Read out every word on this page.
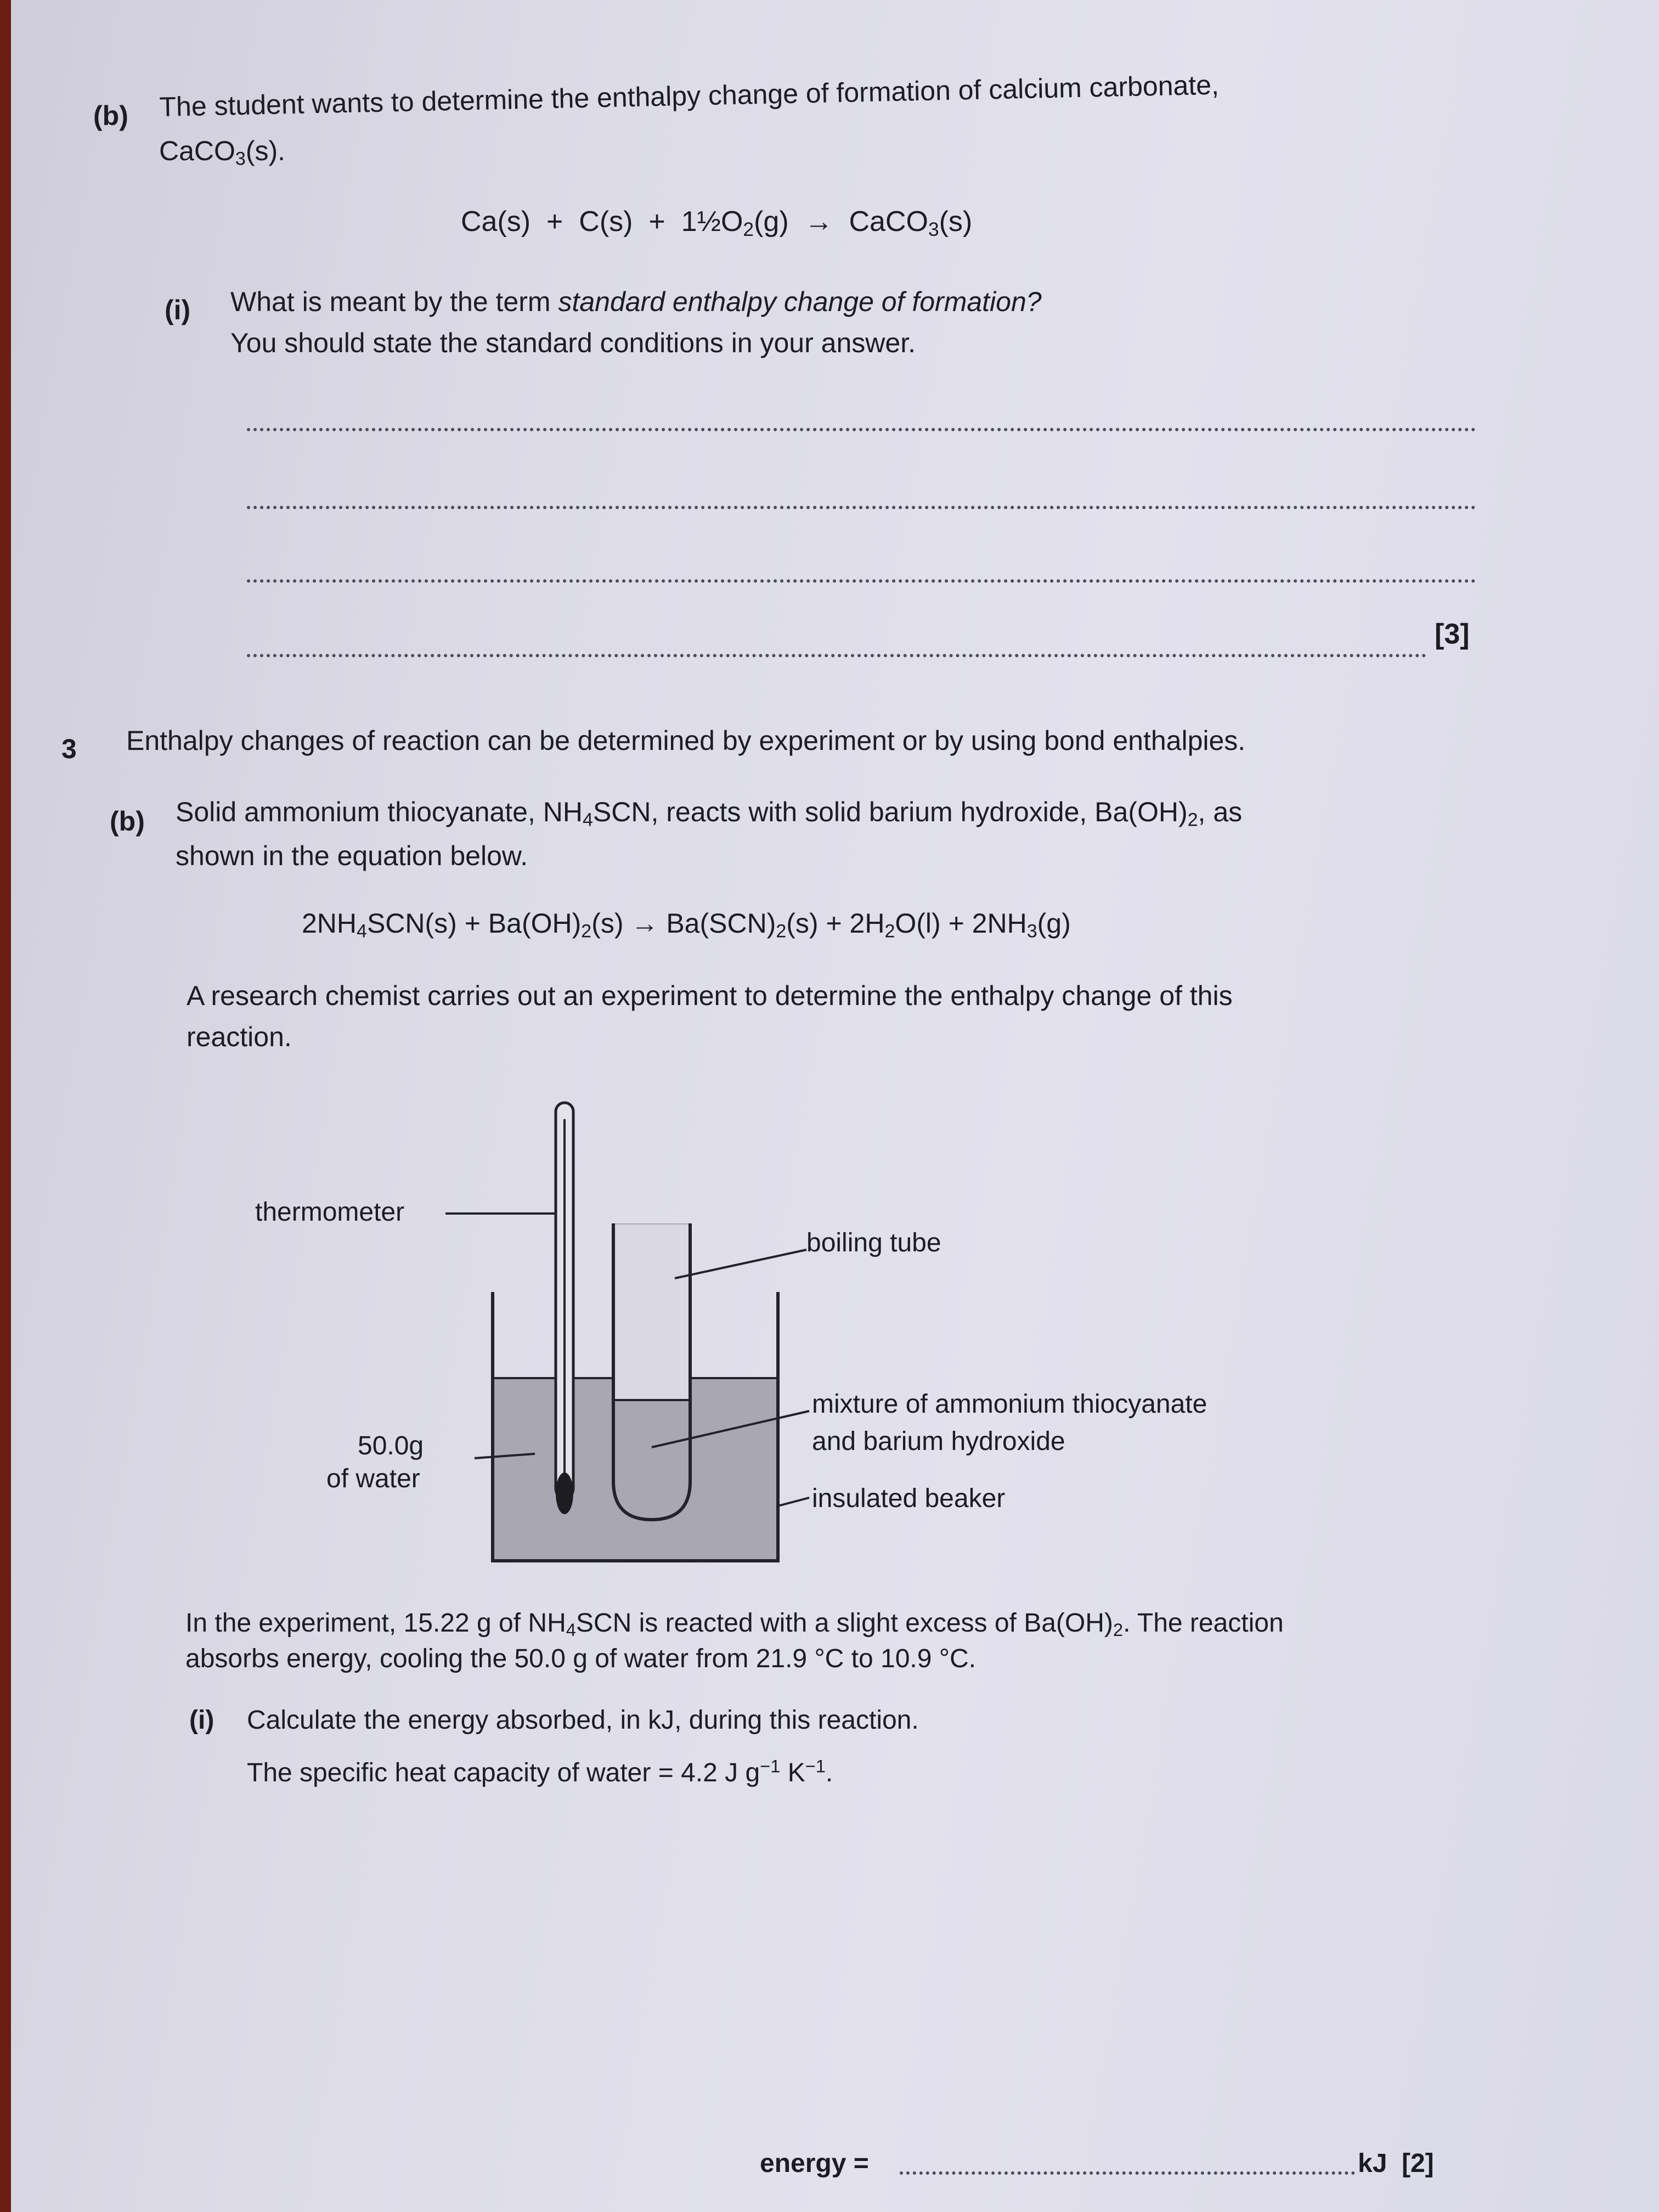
(b) The student wants to determine the enthalpy change of formation of calcium carbonate,
CaCO$_3$(s).
$Ca(s) + C(s) + 1\frac{1}{2}O_2(g)$ → CaCO$_3$(s)
(i) What is meant by the term standard enthalpy change of formation?
You should state the standard conditions in your answer.
[3]
3 Enthalpy changes of reaction can be determined by experiment or by using bond enthalpies.
(b) Solid ammonium thiocyanate, $NH_4SCN$, reacts with solid barium hydroxide, $Ba(OH)_2$, as
shown in the equation below.
$2NH_4SCN(s) + Ba(OH)_2(s) \to Ba(SCN)_2(s) + 2H_2O(l) + 2NH_3(g)$
A research chemist carries out an experiment to determine the enthalpy change of this
reaction.
thermometer
boiling tube
mixture of ammonium thiocyanate
and barium hydroxide
50.0g
of water
insulated beaker
In the experiment, 15.22 g of $NH_4SCN$ is reacted with a slight excess of $Ba(OH)_2$. The reaction
absorbs energy, cooling the 50.0 g of water from 21.9 °C to 10.9 °C.
(i) Calculate the energy absorbed, in kJ, during this reaction.
The specific heat capacity of water = 4.2 J $g^{-1}$ $K^{-1}$.
energy =	kJ [2]
